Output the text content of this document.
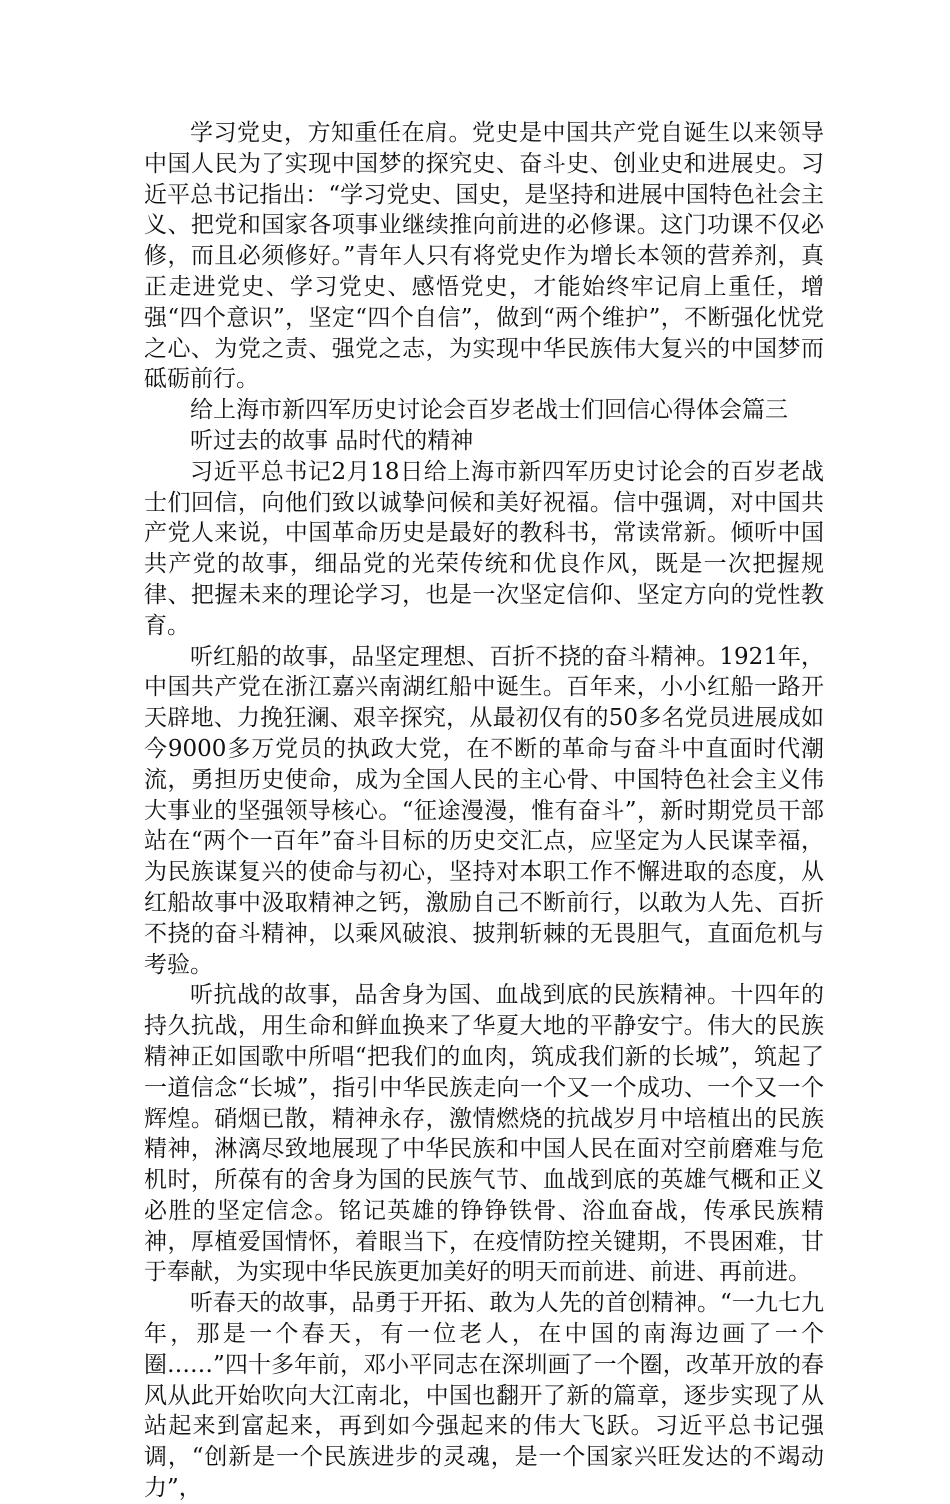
学习党史，方知重任在肩。党史是中国共产党自诞生以来领导中国人民为了实现中国梦的探究史、奋斗史、创业史和进展史。习近平总书记指出：“学习党史、国史，是坚持和进展中国特色社会主义、把党和国家各项事业继续推向前进的必修课。这门功课不仅必修，而且必须修好。”青年人只有将党史作为增长本领的营养剂，真正走进党史、学习党史、感悟党史，才能始终牢记肩上重任，增强“四个意识”，坚定“四个自信”，做到“两个维护”，不断强化忧党之心、为党之责、强党之志，为实现中华民族伟大复兴的中国梦而砥砺前行。

给上海市新四军历史讨论会百岁老战士们回信心得体会篇三

听过去的故事 品时代的精神

习近平总书记2月18日给上海市新四军历史讨论会的百岁老战士们回信，向他们致以诚挚问候和美好祝福。信中强调，对中国共产党人来说，中国革命历史是最好的教科书，常读常新。倾听中国共产党的故事，细品党的光荣传统和优良作风，既是一次把握规律、把握未来的理论学习，也是一次坚定信仰、坚定方向的党性教育。

听红船的故事，品坚定理想、百折不挠的奋斗精神。1921年，中国共产党在浙江嘉兴南湖红船中诞生。百年来，小小红船一路开天辟地、力挽狂澜、艰辛探究，从最初仅有的50多名党员进展成如今9000多万党员的执政大党，在不断的革命与奋斗中直面时代潮流，勇担历史使命，成为全国人民的主心骨、中国特色社会主义伟大事业的坚强领导核心。“征途漫漫，惟有奋斗”，新时期党员干部站在“两个一百年”奋斗目标的历史交汇点，应坚定为人民谋幸福，为民族谋复兴的使命与初心，坚持对本职工作不懈进取的态度，从红船故事中汲取精神之钙，激励自己不断前行，以敢为人先、百折不挠的奋斗精神，以乘风破浪、披荆斩棘的无畏胆气，直面危机与考验。

听抗战的故事，品舍身为国、血战到底的民族精神。十四年的持久抗战，用生命和鲜血换来了华夏大地的平静安宁。伟大的民族精神正如国歌中所唱“把我们的血肉，筑成我们新的长城”，筑起了一道信念“长城”，指引中华民族走向一个又一个成功、一个又一个辉煌。硝烟已散，精神永存，激情燃烧的抗战岁月中培植出的民族精神，淋漓尽致地展现了中华民族和中国人民在面对空前磨难与危机时，所葆有的舍身为国的民族气节、血战到底的英雄气概和正义必胜的坚定信念。铭记英雄的铮铮铁骨、浴血奋战，传承民族精神，厚植爱国情怀，着眼当下，在疫情防控关键期，不畏困难，甘于奉献，为实现中华民族更加美好的明天而前进、前进、再前进。

听春天的故事，品勇于开拓、敢为人先的首创精神。“一九七九年，那是一个春天，有一位老人，在中国的南海边画了一个圈……”四十多年前，邓小平同志在深圳画了一个圈，改革开放的春风从此开始吹向大江南北，中国也翻开了新的篇章，逐步实现了从站起来到富起来，再到如今强起来的伟大飞跃。习近平总书记强调，“创新是一个民族进步的灵魂，是一个国家兴旺发达的不竭动力”，
